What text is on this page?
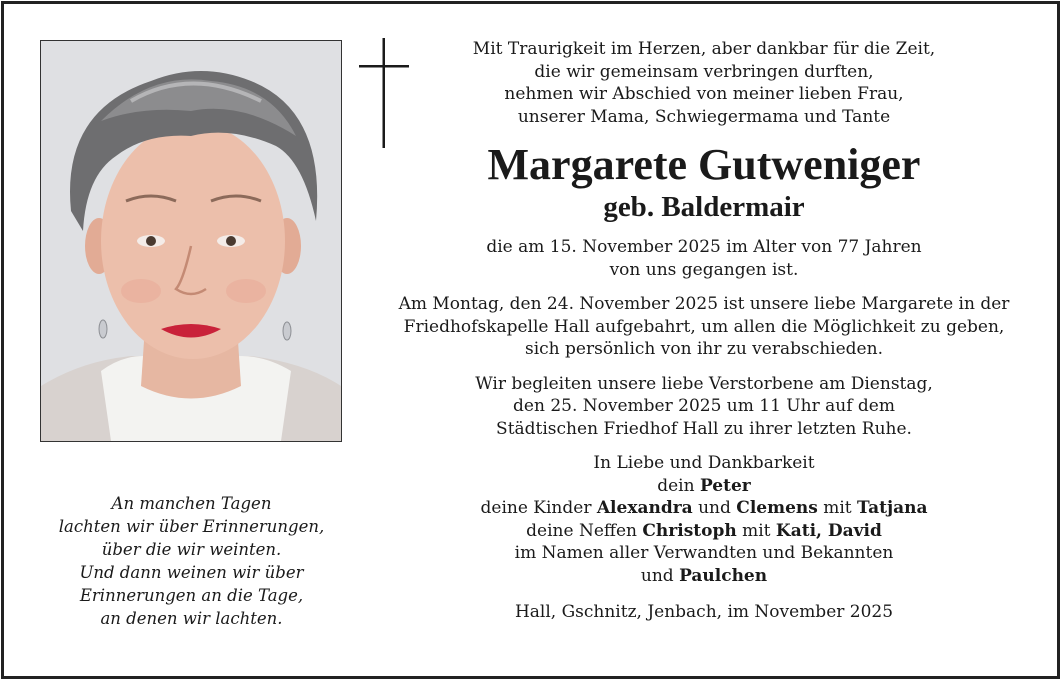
An manchen Tagen
lachten wir über Erinnerungen,
über die wir weinten.
Und dann weinen wir über
Erinnerungen an die Tage,
an denen wir lachten.
Mit Traurigkeit im Herzen, aber dankbar für die Zeit,
die wir gemeinsam verbringen durften,
nehmen wir Abschied von meiner lieben Frau,
unserer Mama, Schwiegermama und Tante
Margarete Gutweniger
geb. Baldermair
die am 15. November 2025 im Alter von 77 Jahren
von uns gegangen ist.
Am Montag, den 24. November 2025 ist unsere liebe Margarete in der
Friedhofskapelle Hall aufgebahrt, um allen die Möglichkeit zu geben,
sich persönlich von ihr zu verabschieden.
Wir begleiten unsere liebe Verstorbene am Dienstag,
den 25. November 2025 um 11 Uhr auf dem
Städtischen Friedhof Hall zu ihrer letzten Ruhe.
In Liebe und Dankbarkeit
dein Peter
deine Kinder Alexandra und Clemens mit Tatjana
deine Neffen Christoph mit Kati, David
im Namen aller Verwandten und Bekannten
und Paulchen
Hall, Gschnitz, Jenbach, im November 2025
